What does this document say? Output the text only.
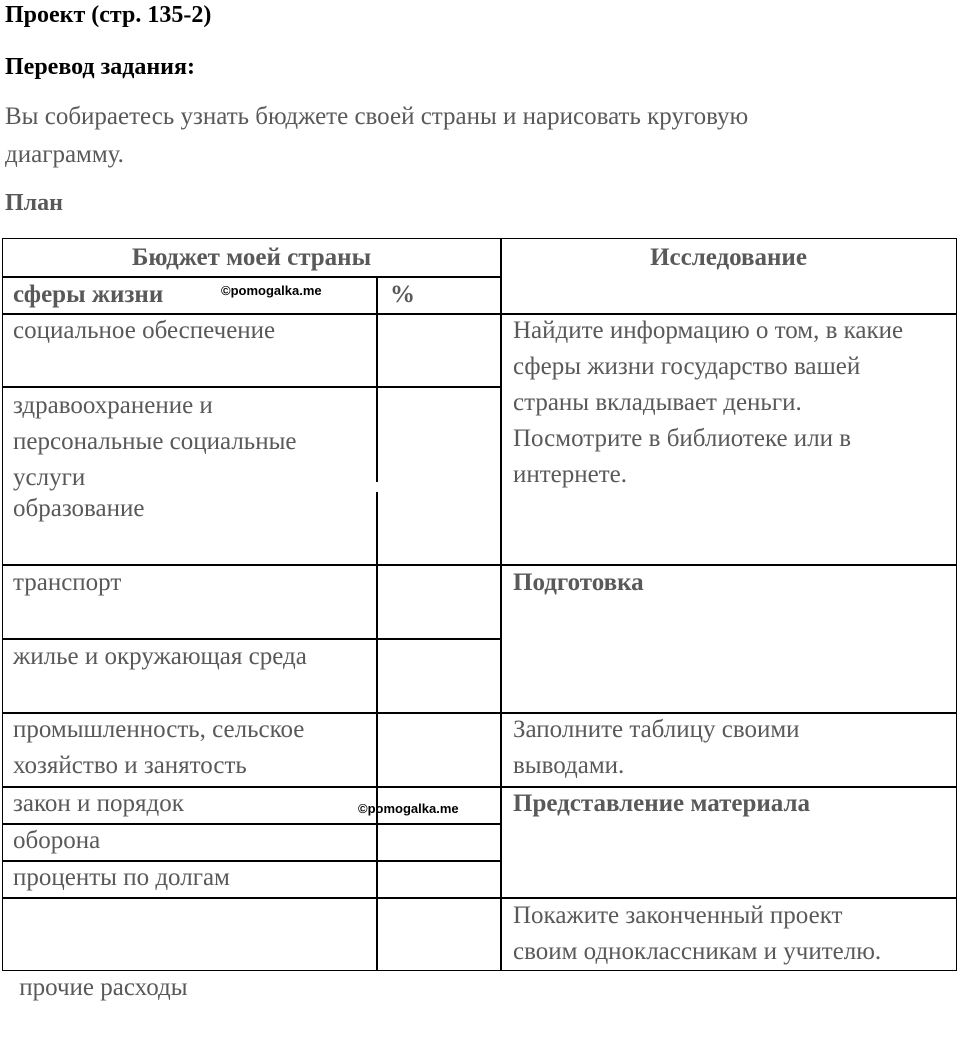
Проект (стр. 135-2)
Перевод задания:
Вы собираетесь узнать бюджете своей страны и нарисовать круговую
диаграмму.
План
Бюджет моей страны	Исследование
сферы жизни	%
социальное обеспечение
здравоохранение и
персональные социальные
услуги
образование
транспорт
жилье и окружающая среда
промышленность, сельское
хозяйство и занятость
закон и порядок
оборона
проценты по долгам

прочие расходы

Найдите информацию о том, в какие
сферы жизни государство вашей
страны вкладывает деньги.
Посмотрите в библиотеке или в
интернете.
Подготовка
Заполните таблицу своими
выводами.
Представление материала
Покажите законченный проект
своим одноклассникам и учителю.
©pomogalka.me
©pomogalka.me
